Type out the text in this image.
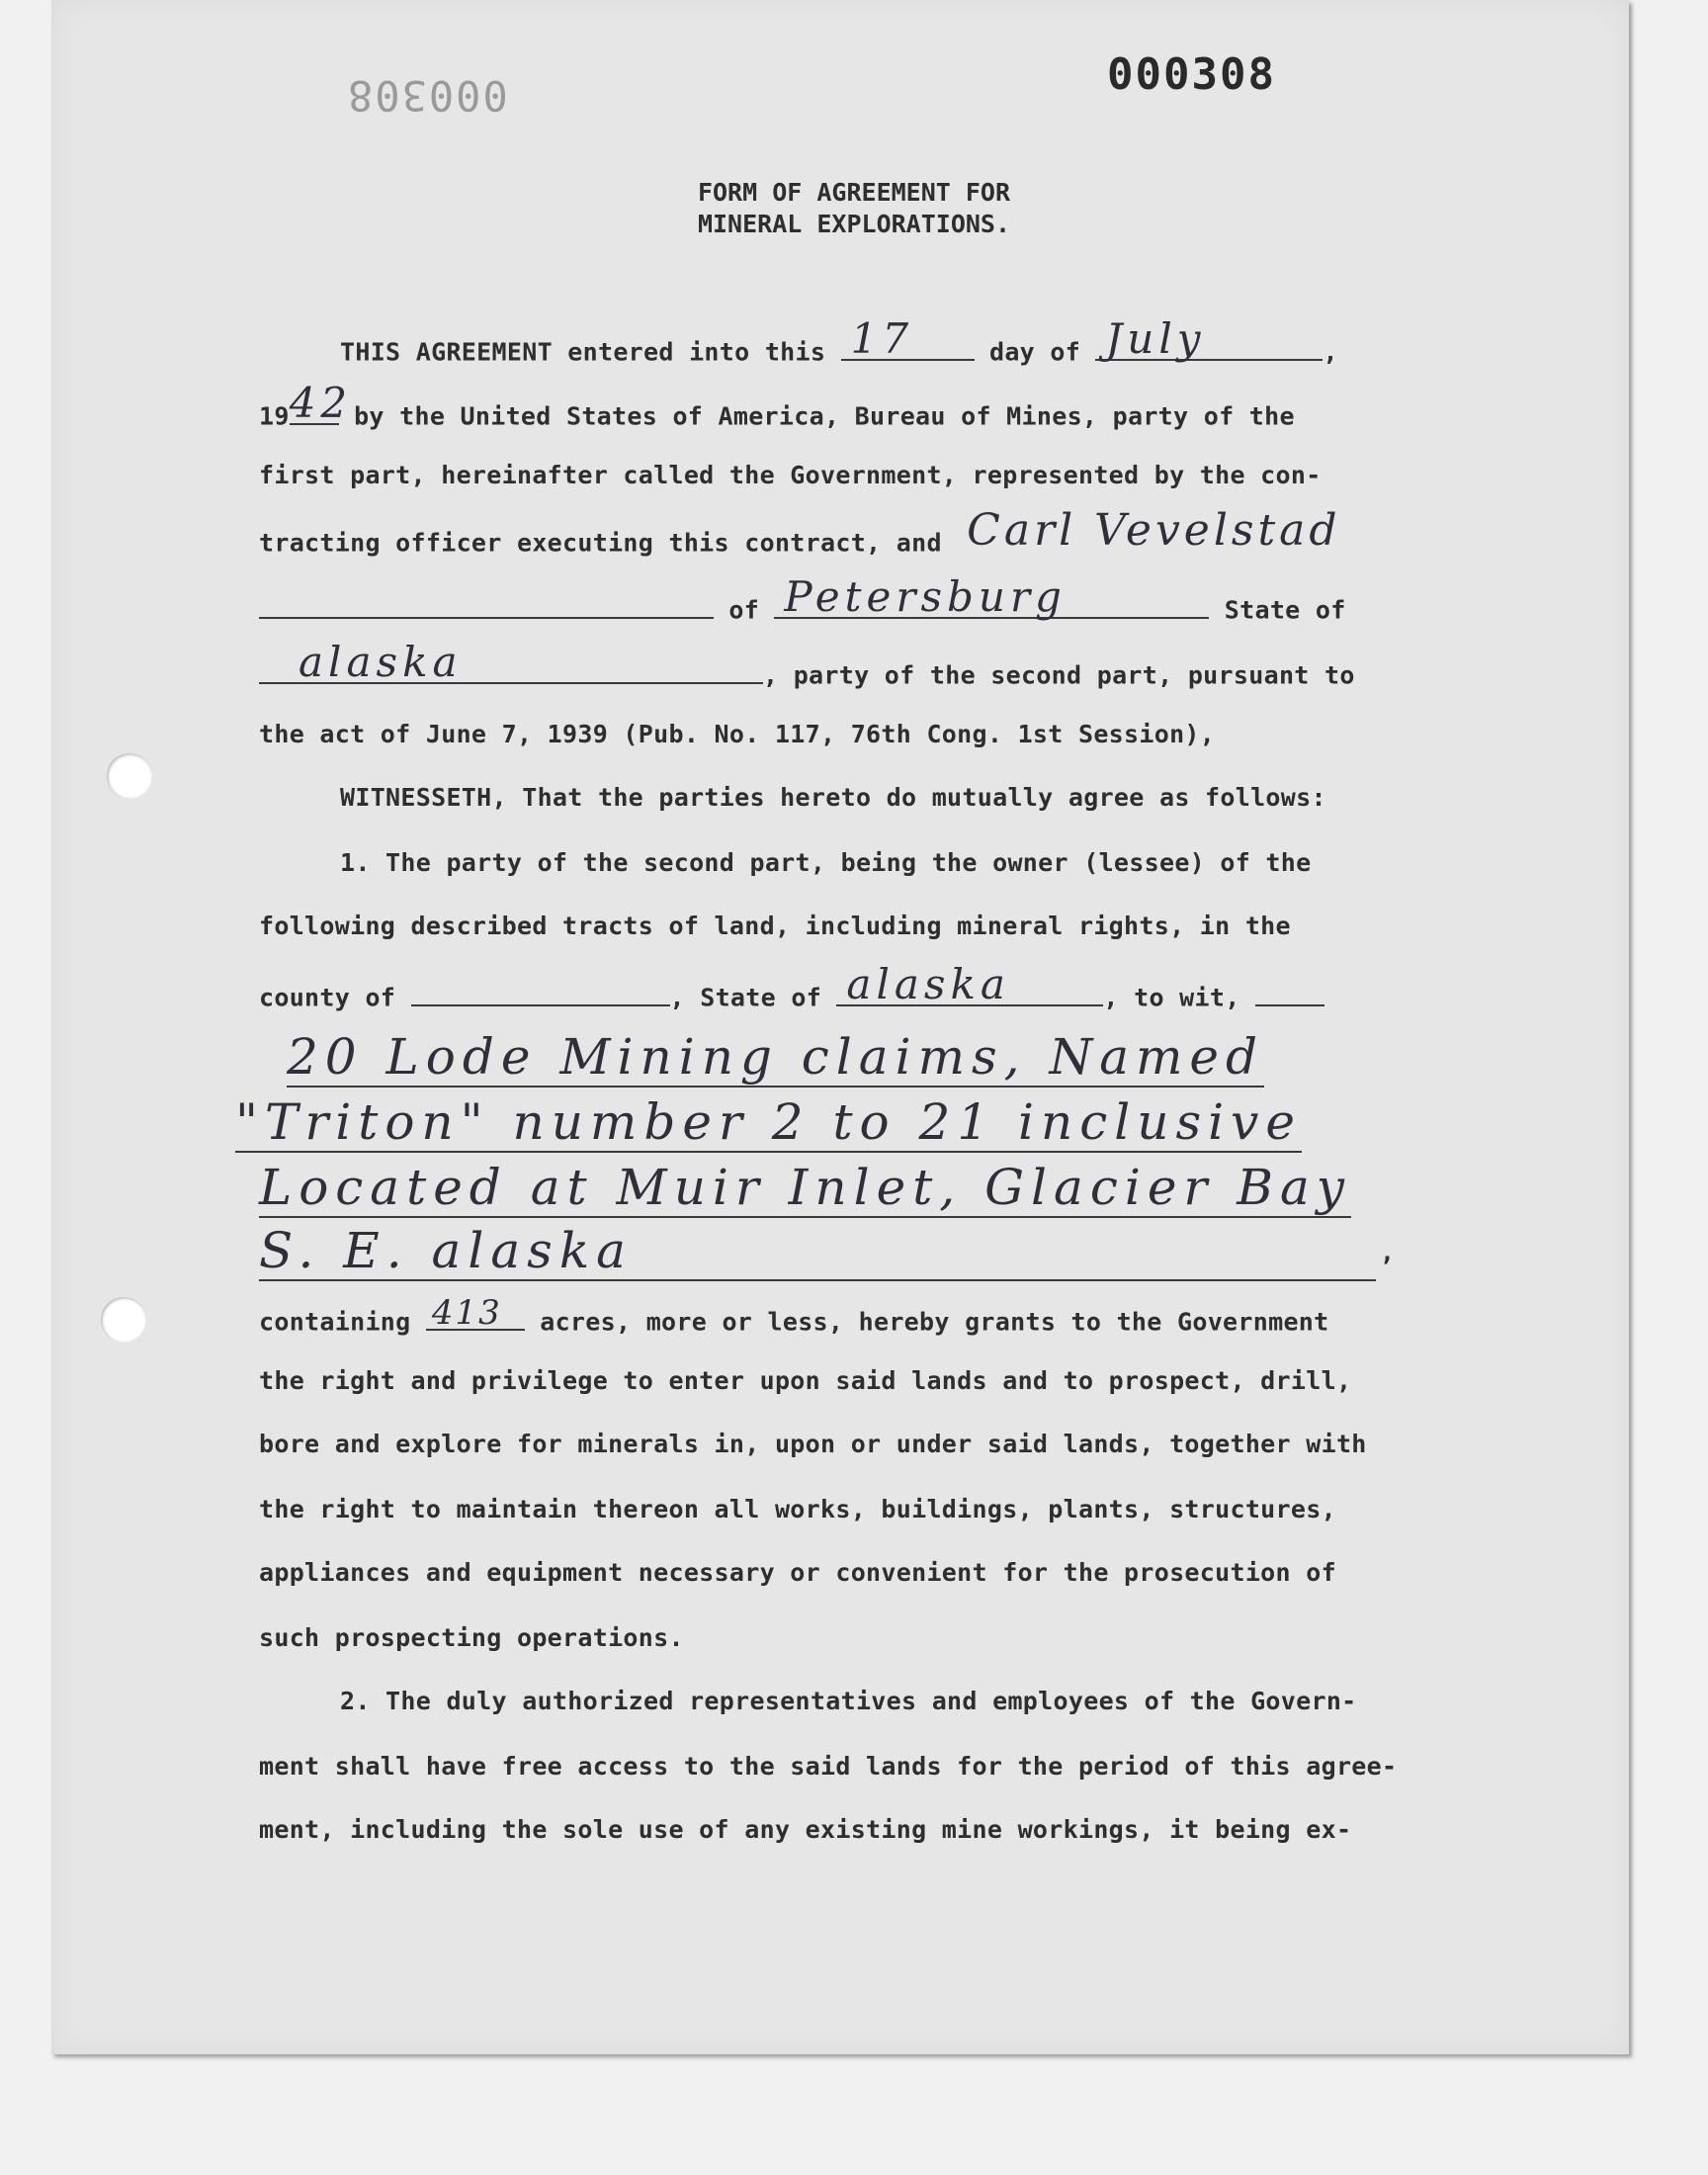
000308
000308
FORM OF AGREEMENT FOR
MINERAL EXPLORATIONS.
THIS AGREEMENT entered into this 17	day of July	,
19 42 by the United States of America, Bureau of Mines, party of the
first part, hereinafter called the Government, represented by the con-
tracting officer executing this contract, and Carl Vevelstad
of Petersburg	State of
alaska	, party of the second part, pursuant to
the act of June 7, 1939 (Pub. No. 117, 76th Cong. 1st Session),
WITNESSETH, That the parties hereto do mutually agree as follows:
1. The party of the second part, being the owner (lessee) of the
following described tracts of land, including mineral rights, in the
county of	, State of alaska	, to wit,
20 Lode Mining claims, Named
"Triton" number 2 to 21 inclusive
Located at Muir Inlet, Glacier Bay
S. E. alaska	,
containing 413 acres, more or less, hereby grants to the Government
the right and privilege to enter upon said lands and to prospect, drill,
bore and explore for minerals in, upon or under said lands, together with
the right to maintain thereon all works, buildings, plants, structures,
appliances and equipment necessary or convenient for the prosecution of
such prospecting operations.
2. The duly authorized representatives and employees of the Govern-
ment shall have free access to the said lands for the period of this agree-
ment, including the sole use of any existing mine workings, it being ex-
